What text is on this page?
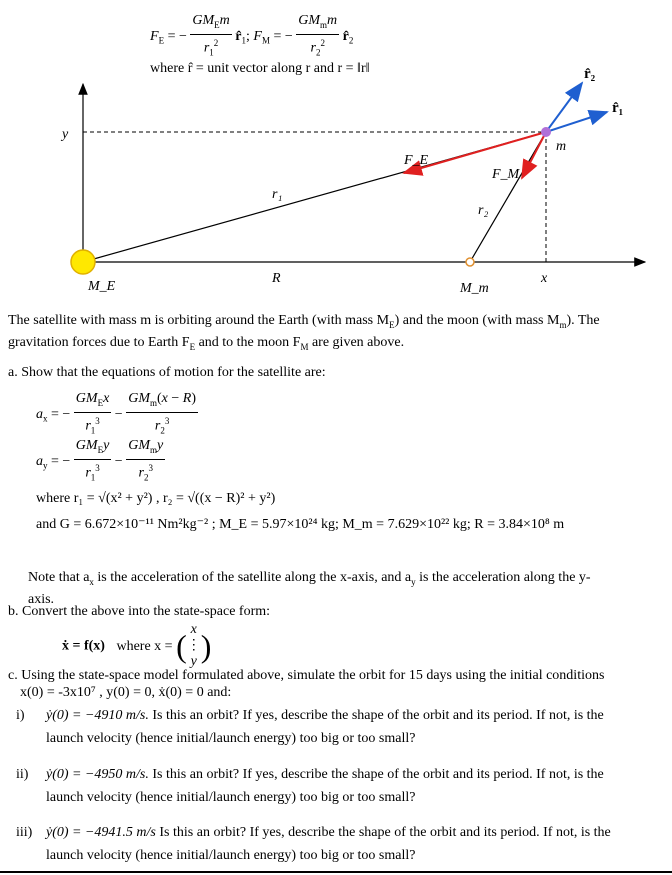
$F_E$ = − $\frac{GM_Em}{r_1^2}$ $r̂_1$; $F_M$ = − $\frac{GM_mm}{r_2^2}$ $r̂_2$
where r̂ = unit vector along r and r = ‖r‖
y
x
R
r₁
r₂
F_E
F_M
m
M_E	M_m
r̂₁
r̂₂
The satellite with mass m is orbiting around the Earth (with mass $M_E$) and the moon (with mass $M_m$). The
gravitation forces due to Earth $F_E$ and to the moon $F_M$ are given above.
a. Show that the equations of motion for the satellite are:
$a_x$ = − $\frac{GM_Ex}{r_1^3} - \frac{GM_m(x - R)}{r_2^3}$
$a_y$ = − $\frac{GM_Ey}{r_1^3} - \frac{GM_my}{r_2^3}$
where r₁ = √(x² + y²) , r₂ = √((x − R)² + y²)
and G = 6.672×10⁻¹¹ Nm²kg⁻² ; M_E = 5.97×10²⁴ kg; M_m = 7.629×10²² kg; R = 3.84×10⁸ m
Note that $a_x$ is the acceleration of the satellite along the x-axis, and $a_y$ is the acceleration along the y-
axis.
b. Convert the above into the state-space form:
ẋ = f(x) where x = ( x
⋮
y )
c. Using the state-space model formulated above, simulate the orbit for 15 days using the initial conditions
x(0) = -3x10⁷ , y(0) = 0, ẋ(0) = 0 and:
i) ẏ(0) = −4910 m/s. Is this an orbit? If yes, describe the shape of the orbit and its period. If not, is the
launch velocity (hence initial/launch energy) too big or too small?
ii) ẏ(0) = −4950 m/s. Is this an orbit? If yes, describe the shape of the orbit and its period. If not, is the
launch velocity (hence initial/launch energy) too big or too small?
iii) ẏ(0) = −4941.5 m/s Is this an orbit? If yes, describe the shape of the orbit and its period. If not, is the
launch velocity (hence initial/launch energy) too big or too small?
